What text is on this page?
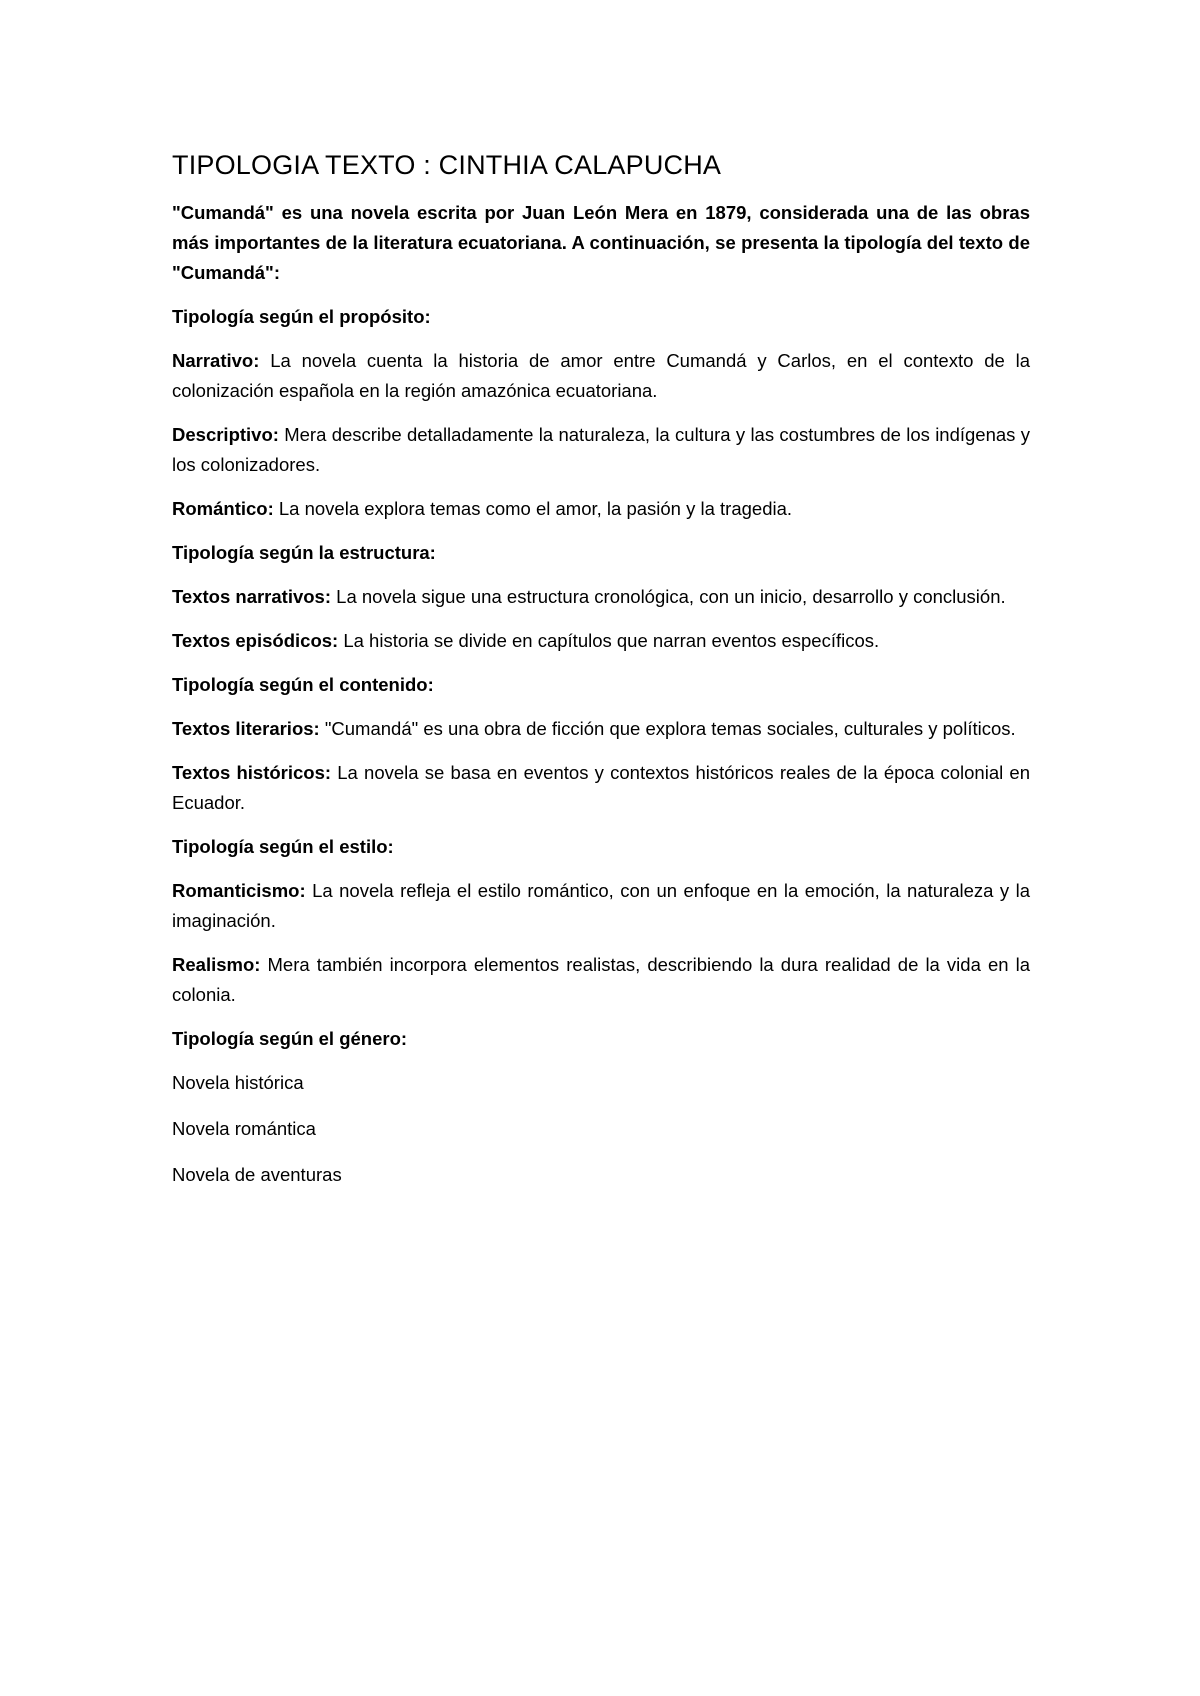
TIPOLOGIA TEXTO : CINTHIA CALAPUCHA

"Cumandá" es una novela escrita por Juan León Mera en 1879, considerada una de las obras más importantes de la literatura ecuatoriana. A continuación, se presenta la tipología del texto de "Cumandá":

Tipología según el propósito:

Narrativo: La novela cuenta la historia de amor entre Cumandá y Carlos, en el contexto de la colonización española en la región amazónica ecuatoriana.

Descriptivo: Mera describe detalladamente la naturaleza, la cultura y las costumbres de los indígenas y los colonizadores.

Romántico: La novela explora temas como el amor, la pasión y la tragedia.

Tipología según la estructura:

Textos narrativos: La novela sigue una estructura cronológica, con un inicio, desarrollo y conclusión.

Textos episódicos: La historia se divide en capítulos que narran eventos específicos.

Tipología según el contenido:

Textos literarios: "Cumandá" es una obra de ficción que explora temas sociales, culturales y políticos.

Textos históricos: La novela se basa en eventos y contextos históricos reales de la época colonial en Ecuador.

Tipología según el estilo:

Romanticismo: La novela refleja el estilo romántico, con un enfoque en la emoción, la naturaleza y la imaginación.

Realismo: Mera también incorpora elementos realistas, describiendo la dura realidad de la vida en la colonia.

Tipología según el género:

Novela histórica

Novela romántica

Novela de aventuras
